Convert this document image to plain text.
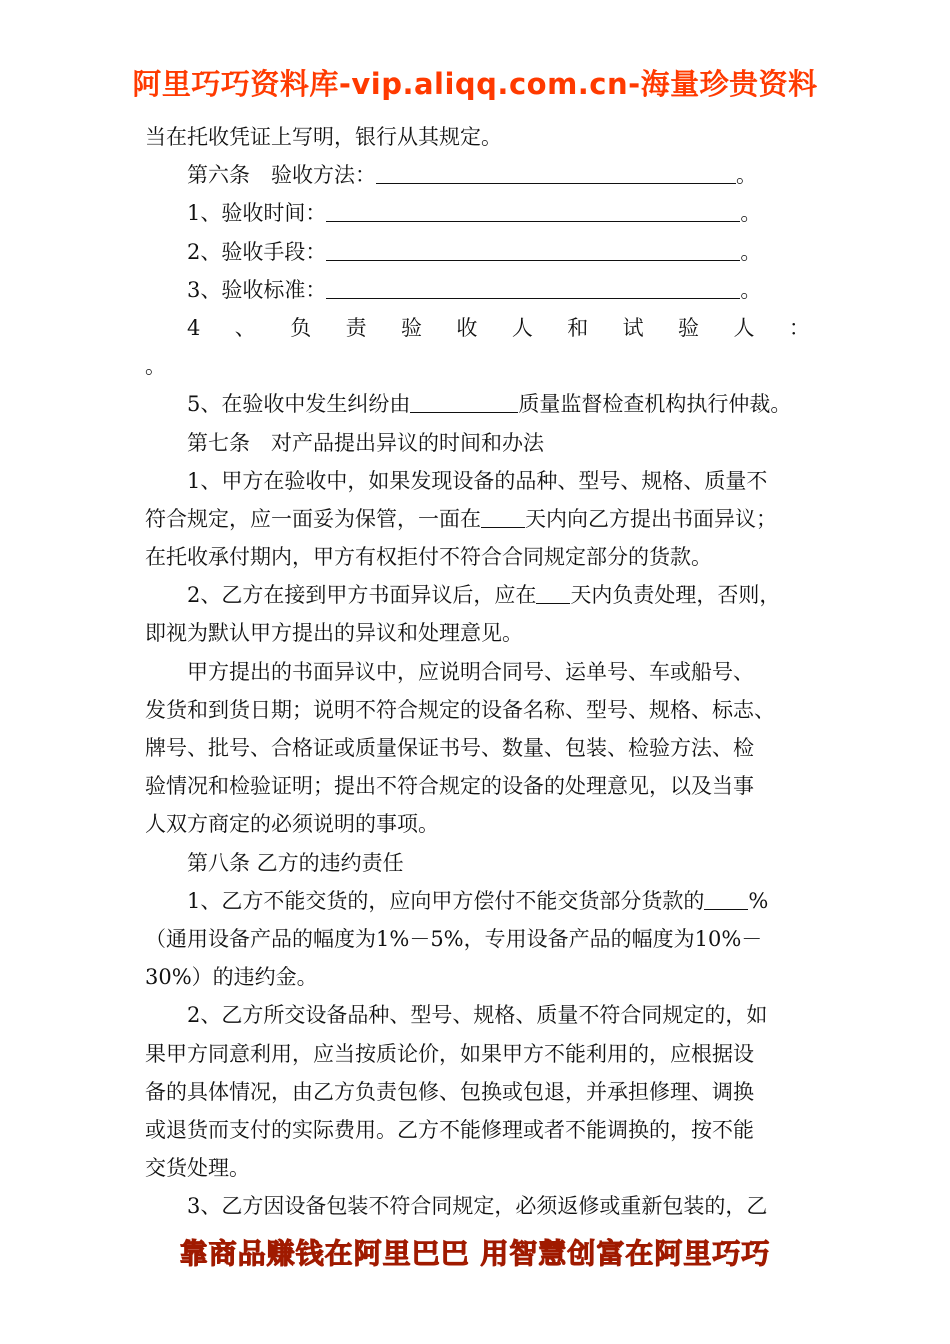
阿里巧巧资料库-vip.aliqq.com.cn-海量珍贵资料
当在托收凭证上写明，银行从其规定。
第六条　验收方法：	。
1、验收时间：	。
2、验收手段：	。
3、验收标准：	。
4 、 负 责 验 收 人 和 试 验 人 ：
。
5、在验收中发生纠纷由	质量监督检查机构执行仲裁。
第七条　对产品提出异议的时间和办法
1、甲方在验收中，如果发现设备的品种、型号、规格、质量不
符合规定，应一面妥为保管，一面在 天内向乙方提出书面异议；
在托收承付期内，甲方有权拒付不符合合同规定部分的货款。
2、乙方在接到甲方书面异议后，应在 天内负责处理，否则，
即视为默认甲方提出的异议和处理意见。
甲方提出的书面异议中，应说明合同号、运单号、车或船号、
发货和到货日期；说明不符合规定的设备名称、型号、规格、标志、
牌号、批号、合格证或质量保证书号、数量、包装、检验方法、检
验情况和检验证明；提出不符合规定的设备的处理意见，以及当事
人双方商定的必须说明的事项。
第八条 乙方的违约责任
1、乙方不能交货的，应向甲方偿付不能交货部分货款的 %
（通用设备产品的幅度为1%－5%，专用设备产品的幅度为10%－
30%）的违约金。
2、乙方所交设备品种、型号、规格、质量不符合同规定的，如
果甲方同意利用，应当按质论价，如果甲方不能利用的，应根据设
备的具体情况，由乙方负责包修、包换或包退，并承担修理、调换
或退货而支付的实际费用。乙方不能修理或者不能调换的，按不能
交货处理。
3、乙方因设备包装不符合同规定，必须返修或重新包装的，乙
靠商品赚钱在阿里巴巴 用智慧创富在阿里巧巧
